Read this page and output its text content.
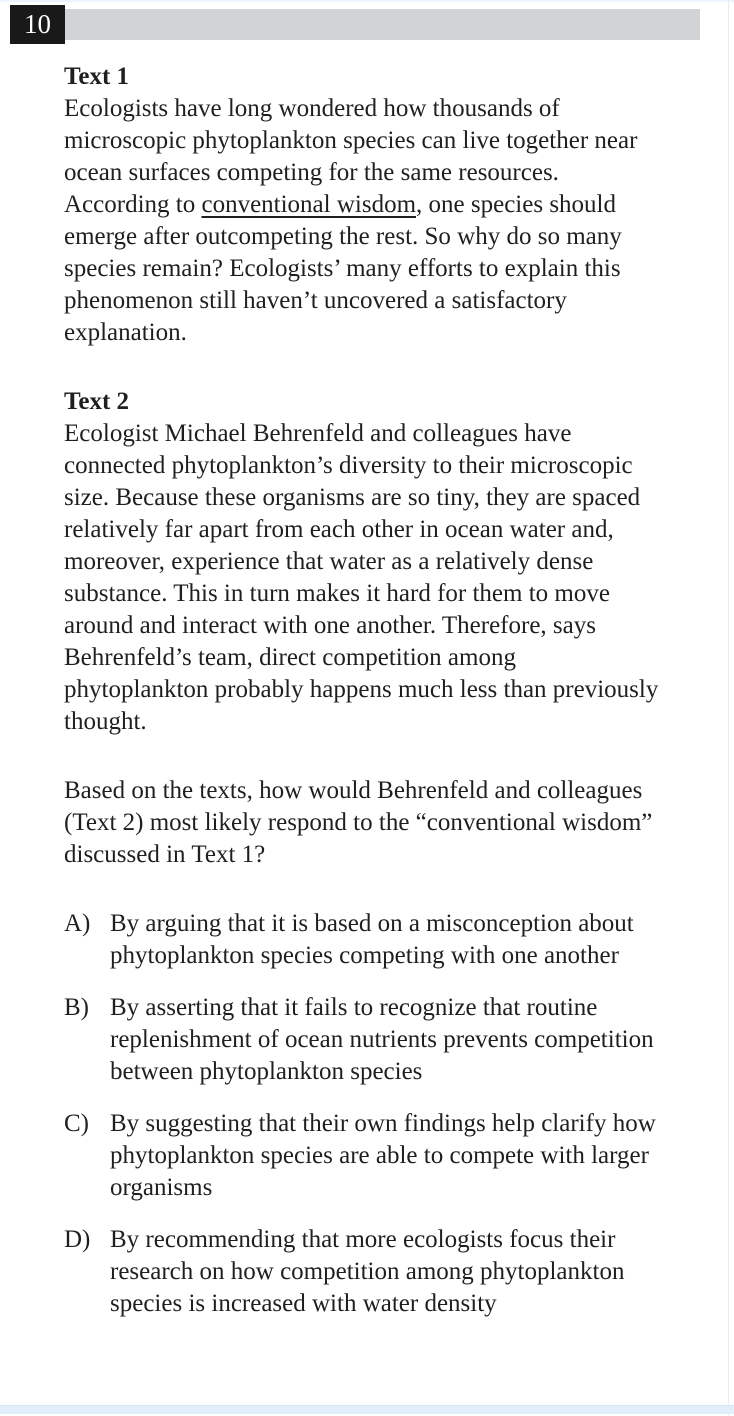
10

Text 1

Ecologists have long wondered how thousands of microscopic phytoplankton species can live together near ocean surfaces competing for the same resources. According to conventional wisdom, one species should emerge after outcompeting the rest. So why do so many species remain? Ecologists’ many efforts to explain this phenomenon still haven’t uncovered a satisfactory explanation.

Text 2

Ecologist Michael Behrenfeld and colleagues have connected phytoplankton’s diversity to their microscopic size. Because these organisms are so tiny, they are spaced relatively far apart from each other in ocean water and, moreover, experience that water as a relatively dense substance. This in turn makes it hard for them to move around and interact with one another. Therefore, says Behrenfeld’s team, direct competition among phytoplankton probably happens much less than previously thought.

Based on the texts, how would Behrenfeld and colleagues (Text 2) most likely respond to the “conventional wisdom” discussed in Text 1?

A) By arguing that it is based on a misconception about phytoplankton species competing with one another
B) By asserting that it fails to recognize that routine replenishment of ocean nutrients prevents competition between phytoplankton species
C) By suggesting that their own findings help clarify how phytoplankton species are able to compete with larger organisms
D) By recommending that more ecologists focus their research on how competition among phytoplankton species is increased with water density
